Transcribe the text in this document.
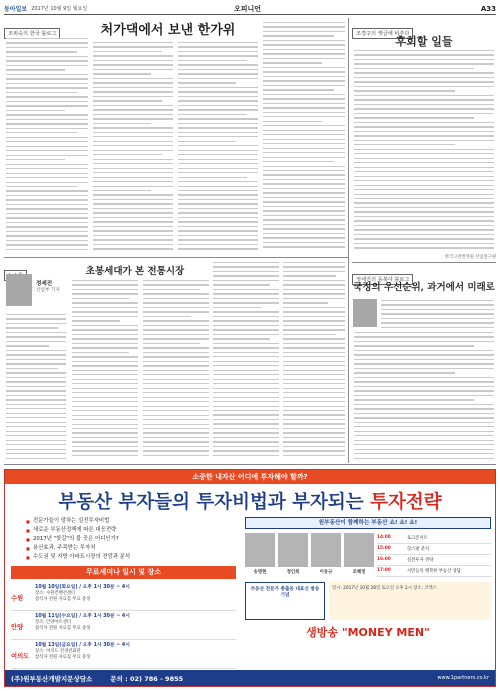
동아일보 2017년 10월 9일 월요일	오피니언	A33
조위숙의 한국 블로그	처가댁에서 보낸 한가위	조경구의 옛글에 비추다
후회할 일들
한국고전번역원 선임연구원
정세진
산업부 기자
초봉세대가 본 전통시장
정세진의 동북아 블로그
국정의 우선순위, 과거에서 미래로
소중한 내자산 어디에 투자해야 할까?
부동산 부자들의 투자비법과 부자되는 투자전략
■ 전문가들이 말하는 실전투자비법
■ 새로운 부동산정책에 따른 대응전략
■ 2017년 "핫갈"의 불 곳은 어디인가?
■ 용산효과, 주목받는 투자처
■ 수도권 및 지방 아파트시장의 전망과 분석
무료세미나 일시 및 장소
수원
10월 10일(화요일) / 오후 1시 30분 ~ 4시
장소: 수원컨벤션센터
참석자 전원 자료집 무료 증정
안양
10월 11일(수요일) / 오후 1시 30분 ~ 4시
장소: 안양아트센터
참석자 전원 자료집 무료 증정
여의도
10월 13일(금요일) / 오후 1시 30분 ~ 4시
장소: 여의도 전경련회관
참석자 전원 자료집 무료 증정
원부동산이 함께하는 부동산 쇼! 쇼! 쇼!
송명현	정인희	이동규	조혜정
14:00	토크콘서트
15:00	핫스팟 분석
16:00	실전투자 전략
17:00	서민들의 행복한 부동산 상담
부동산 전문가 총출동 대표신 방송기념
일시: 2017년 10월 28일 토요일 오후 2시 장소: 코엑스
생방송 "MONEY MEN"
(주)원부동산개발지문상담소	문의 : 02) 786 - 9855	www.1partners.co.kr
